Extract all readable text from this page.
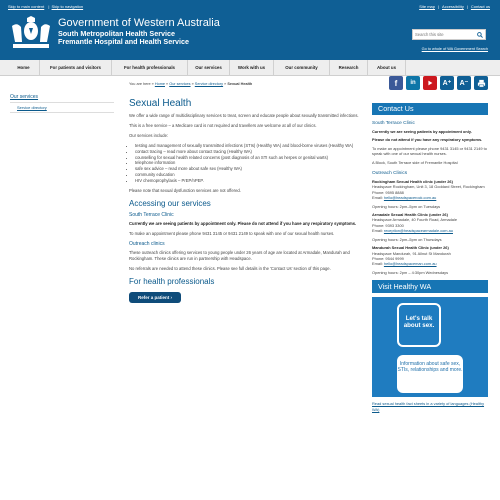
Skip to main content | Skip to navigation	Site map | Accessibility | Contact us
Government of Western Australia
South Metropolitan Health Service
Fremantle Hospital and Health Service
Search this site
Go to whole of WA Government Search
Home	For patients and visitors	For health professionals	Our services	Work with us	Our community	Research	About us
Our services
Service directory
You are here » Home » Our services » Service directory » Sexual Health	f	in	A⁺	A⁻
Sexual Health

We offer a wide range of multidisciplinary services to treat, screen and educate people about sexually transmitted infections.

This is a free service – a Medicare card is not required and travellers are welcome at all of our clinics.

Our services include:

• testing and management of sexually transmitted infections (STIs) (Healthy WA) and blood-borne viruses (Healthy WA)
• contact tracing – read more about contact tracing (Healthy WA)
• counselling for sexual health related concerns (post diagnosis of an STI such as herpes or genital warts)
• telephone information
• safe sex advice – read more about safe sex (Healthy WA)
• community education
• HIV chemoprophylaxis – PrEP/nPEP.

Please note that sexual dysfunction services are not offered.

Accessing our services
South Terrace Clinic

Currently we are seeing patients by appointment only. Please do not attend if you have any respiratory symptoms.

To make an appointment please phone 9431 3145 or 9431 2149 to speak with one of our sexual health nurses.

Outreach clinics

These outreach clinics offering services to young people under 26 years of age are located at Armadale, Mandurah and Rockingham. These clinics are run in partnership with Headspace.

No referrals are needed to attend these clinics. Please see full details in the 'Contact Us' section of this page.

For health professionals
Refer a patient ›
Contact Us
South Terrace Clinic

Currently we are seeing patients by appointment only.

Please do not attend if you have any respiratory symptoms.

To make an appointment please phone 9431 3145 or 9431 2149 to speak with one of our sexual health nurses.

A Block, South Terrace side of Fremantle Hospital

Outreach Clinics

Rockingham Sexual Health clinic (under 26)
Headspace Rockingham, Unit 3, 18 Goddard Street, Rockingham
Phone: 9595 8888
Email: hello@headspacerock.com.au

Opening hours: 2pm–5pm on Tuesdays

Armadale Sexual Health Clinic (under 26)
Headspace Armadale, 40 Fourth Road, Armadale
Phone: 9393 3300
Email: reception@headspacearmadale.com.au

Opening hours: 2pm–5pm on Thursdays

Mandurah Sexual Health Clinic (under 26)
Headspace Mandurah, 91 Allnut St Mandurah
Phone: 9544 9999
Email: hello@headspaceman.com.au

Opening hours: 2pm – 4:30pm Wednesdays

Visit Healthy WA
Let's talk about sex.
Information about safe sex, STIs, relationships and more.

Read sexual health fact sheets in a variety of languages (Healthy WA)
